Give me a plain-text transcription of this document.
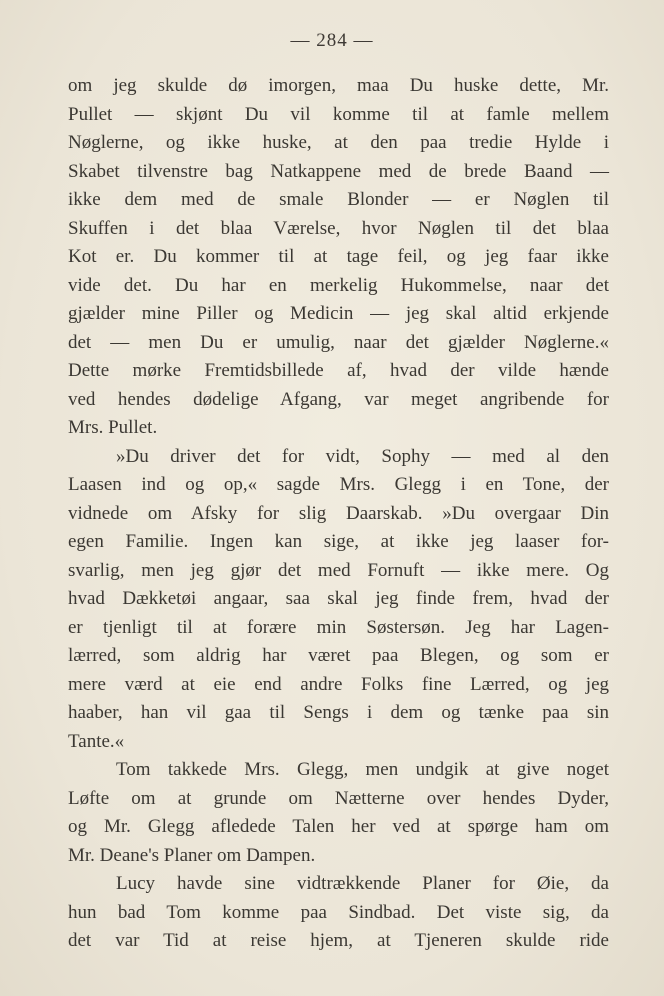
— 284 —
om jeg skulde dø imorgen, maa Du huske dette, Mr.
Pullet — skjønt Du vil komme til at famle mellem
Nøglerne, og ikke huske, at den paa tredie Hylde i
Skabet tilvenstre bag Natkappene med de brede Baand —
ikke dem med de smale Blonder — er Nøglen til
Skuffen i det blaa Værelse, hvor Nøglen til det blaa
Kot er. Du kommer til at tage feil, og jeg faar ikke
vide det. Du har en merkelig Hukommelse, naar det
gjælder mine Piller og Medicin — jeg skal altid erkjende
det — men Du er umulig, naar det gjælder Nøglerne.«
Dette mørke Fremtidsbillede af, hvad der vilde hænde
ved hendes dødelige Afgang, var meget angribende for
Mrs. Pullet.
»Du driver det for vidt, Sophy — med al den
Laasen ind og op,« sagde Mrs. Glegg i en Tone, der
vidnede om Afsky for slig Daarskab. »Du overgaar Din
egen Familie. Ingen kan sige, at ikke jeg laaser for-
svarlig, men jeg gjør det med Fornuft — ikke mere. Og
hvad Dækketøi angaar, saa skal jeg finde frem, hvad der
er tjenligt til at forære min Søstersøn. Jeg har Lagen-
lærred, som aldrig har været paa Blegen, og som er
mere værd at eie end andre Folks fine Lærred, og jeg
haaber, han vil gaa til Sengs i dem og tænke paa sin
Tante.«
Tom takkede Mrs. Glegg, men undgik at give noget
Løfte om at grunde om Nætterne over hendes Dyder,
og Mr. Glegg afledede Talen her ved at spørge ham om
Mr. Deane's Planer om Dampen.
Lucy havde sine vidtrækkende Planer for Øie, da
hun bad Tom komme paa Sindbad. Det viste sig, da
det var Tid at reise hjem, at Tjeneren skulde ride
